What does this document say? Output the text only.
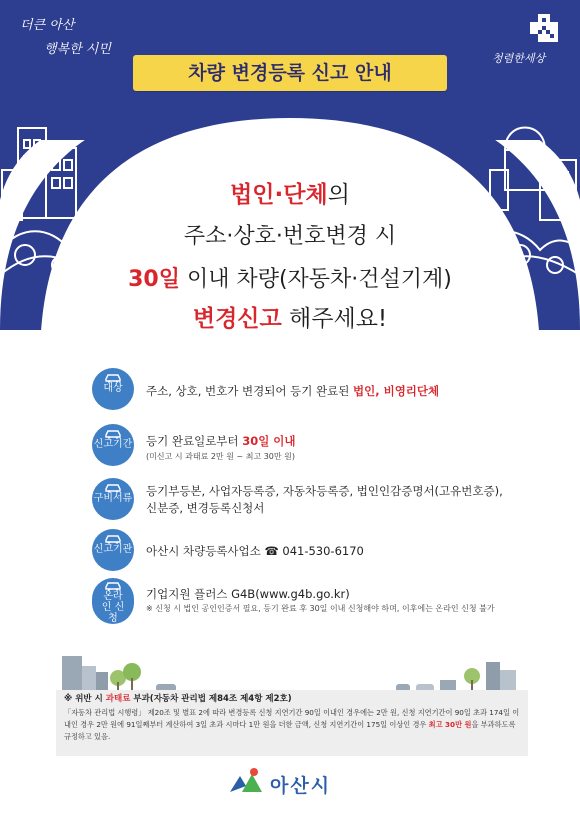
더큰 아산
행복한 시민
청렴한세상
차량 변경등록 신고 안내
법인·단체의
주소·상호·번호변경 시
30일 이내 차량(자동차·건설기계)
변경신고 해주세요!
대상	주소, 상호, 번호가 변경되어 등기 완료된 법인, 비영리단체
신고기간 등기 완료일로부터 30일 이내
(미신고 시 과태료 2만 원 ~ 최고 30만 원)
구비서류
등기부등본, 사업자등록증, 자동차등록증, 법인인감증명서(고유번호증),
신분증, 변경등록신청서
신고기관 아산시 차량등록사업소 ☎ 041-530-6170
온라인 신청
기업지원 플러스 G4B(www.g4b.go.kr)
※ 신청 시 법인 공인인증서 필요, 등기 완료 후 30일 이내 신청해야 하며, 이후에는 온라인 신청 불가
※ 위반 시 과태료 부과(자동차 관리법 제84조 제4항 제2호)
「자동차 관리법 시행령」 제20조 및 별표 2에 따라 변경등록 신청 지연기간 90일 이내인 경우에는 2만 원, 신청 지연기간이 90일 초과 174일 이내인 경우 2만 원에 91일째부터 계산하여 3일 초과 시마다 1만 원을 더한 금액, 신청 지연기간이 175일 이상인 경우 최고 30만 원을 부과하도록 규정하고 있음.
아산시
